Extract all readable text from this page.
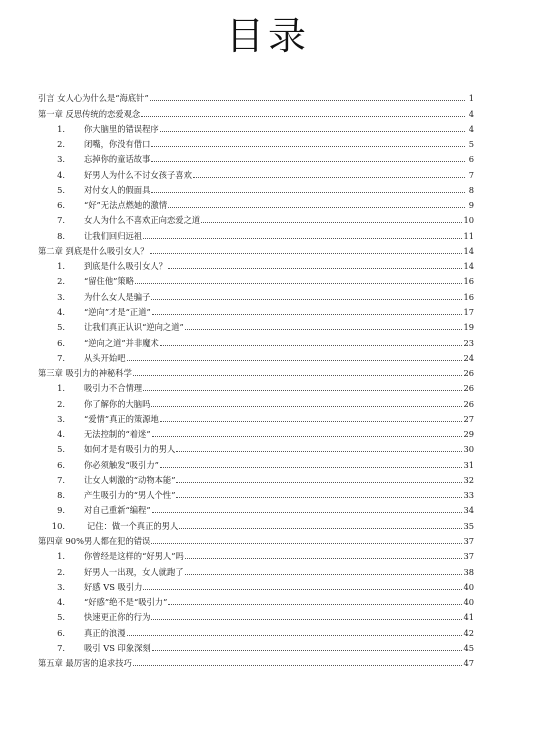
目录
引言 女人心为什么是“海底针”	1
第一章 反思传统的恋爱观念	4
1. 你大脑里的错误程序	4
2. 闭嘴，你没有借口	5
3. 忘掉你的童话故事	6
4. 好男人为什么不讨女孩子喜欢	7
5. 对付女人的假面具	8
6. “好”无法点燃她的激情	9
7. 女人为什么不喜欢正向恋爱之道	10
8. 让我们回归远祖	11
第二章 到底是什么吸引女人？	14
1. 到底是什么吸引女人？	14
2. “留住他”策略	16
3. 为什么女人是骗子	16
4. “逆向”才是“正道”	17
5. 让我们真正认识“逆向之道”	19
6. “逆向之道”并非魔术	23
7. 从头开始吧	24
第三章 吸引力的神秘科学	26
1. 吸引力不合情理	26
2. 你了解你的大脑吗	26
3. “爱情”真正的策源地	27
4. 无法控制的“着迷”	29
5. 如何才是有吸引力的男人	30
6. 你必须触发“吸引力”	31
7. 让女人刺激的“动物本能”	32
8. 产生吸引力的“男人个性”	33
9. 对自己重新“编程”	34
10.	记住：做一个真正的男人	35
第四章 90%男人都在犯的错误	37
1. 你曾经是这样的“好男人”吗	37
2. 好男人一出现，女人就跑了	38
3. 好感 VS 吸引力	40
4. “好感”绝不是“吸引力”	40
5. 快速更正你的行为	41
6. 真正的浪漫	42
7. 吸引 VS 印象深刻	45
第五章 最厉害的追求技巧	47
